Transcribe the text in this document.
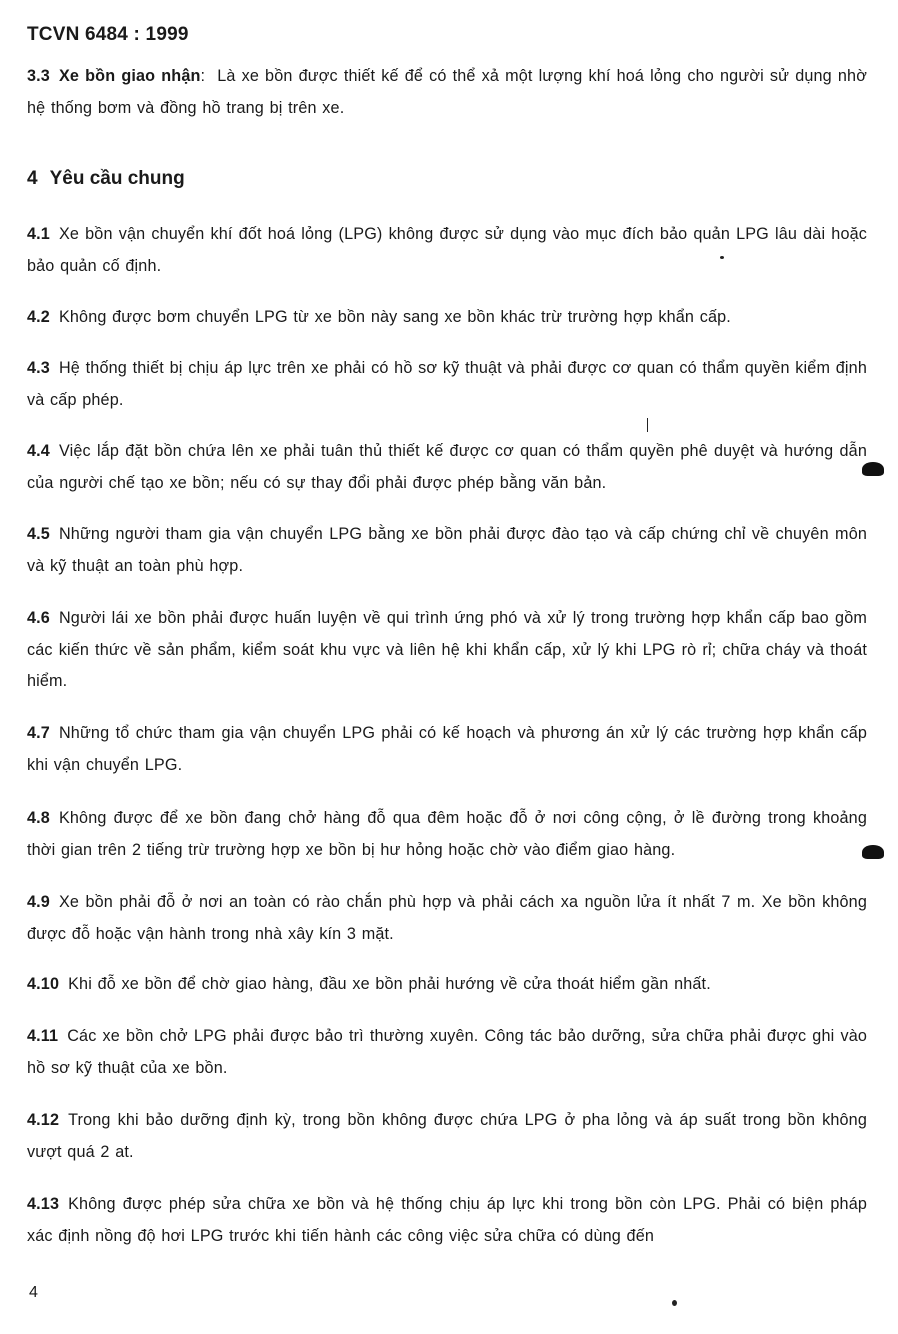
TCVN 6484 : 1999
3.3 Xe bồn giao nhận: Là xe bồn được thiết kế để có thể xả một lượng khí hoá lỏng cho người sử dụng nhờ hệ thống bơm và đồng hồ trang bị trên xe.
4 Yêu cầu chung
4.1 Xe bồn vận chuyển khí đốt hoá lỏng (LPG) không được sử dụng vào mục đích bảo quản LPG lâu dài hoặc bảo quản cố định.
4.2 Không được bơm chuyển LPG từ xe bồn này sang xe bồn khác trừ trường hợp khẩn cấp.
4.3 Hệ thống thiết bị chịu áp lực trên xe phải có hồ sơ kỹ thuật và phải được cơ quan có thẩm quyền kiểm định và cấp phép.
4.4 Việc lắp đặt bồn chứa lên xe phải tuân thủ thiết kế được cơ quan có thẩm quyền phê duyệt và hướng dẫn của người chế tạo xe bồn; nếu có sự thay đổi phải được phép bằng văn bản.
4.5 Những người tham gia vận chuyển LPG bằng xe bồn phải được đào tạo và cấp chứng chỉ về chuyên môn và kỹ thuật an toàn phù hợp.
4.6 Người lái xe bồn phải được huấn luyện về qui trình ứng phó và xử lý trong trường hợp khẩn cấp bao gồm các kiến thức về sản phẩm, kiểm soát khu vực và liên hệ khi khẩn cấp, xử lý khi LPG rò rỉ; chữa cháy và thoát hiểm.
4.7 Những tổ chức tham gia vận chuyển LPG phải có kế hoạch và phương án xử lý các trường hợp khẩn cấp khi vận chuyển LPG.
4.8 Không được để xe bồn đang chở hàng đỗ qua đêm hoặc đỗ ở nơi công cộng, ở lề đường trong khoảng thời gian trên 2 tiếng trừ trường hợp xe bồn bị hư hỏng hoặc chờ vào điểm giao hàng.
4.9 Xe bồn phải đỗ ở nơi an toàn có rào chắn phù hợp và phải cách xa nguồn lửa ít nhất 7 m. Xe bồn không được đỗ hoặc vận hành trong nhà xây kín 3 mặt.
4.10 Khi đỗ xe bồn để chờ giao hàng, đầu xe bồn phải hướng về cửa thoát hiểm gần nhất.
4.11 Các xe bồn chở LPG phải được bảo trì thường xuyên. Công tác bảo dưỡng, sửa chữa phải được ghi vào hồ sơ kỹ thuật của xe bồn.
4.12 Trong khi bảo dưỡng định kỳ, trong bồn không được chứa LPG ở pha lỏng và áp suất trong bồn không vượt quá 2 at.
4.13 Không được phép sửa chữa xe bồn và hệ thống chịu áp lực khi trong bồn còn LPG. Phải có biện pháp xác định nồng độ hơi LPG trước khi tiến hành các công việc sửa chữa có dùng đến
4
